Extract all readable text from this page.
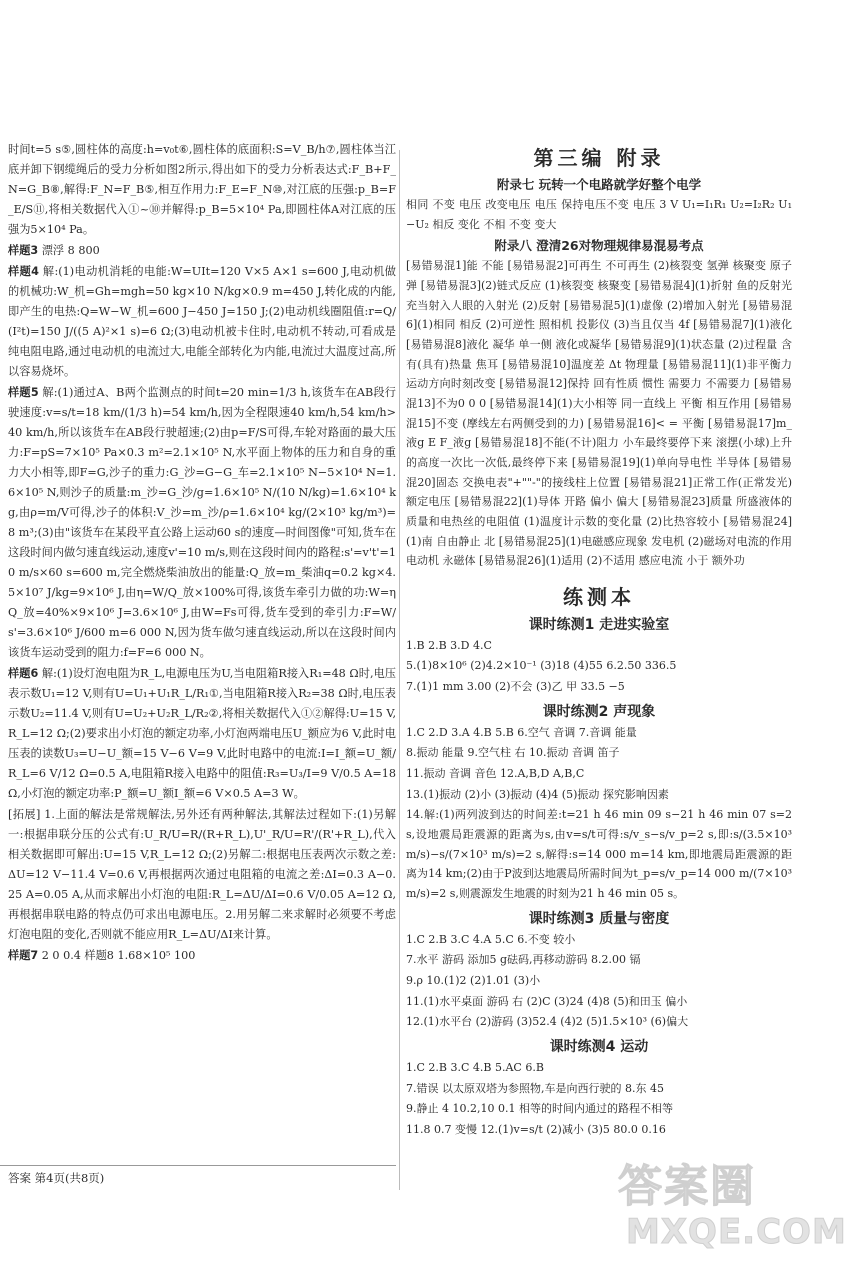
时间t=5 s⑤,圆柱体的高度:h=v₀t⑥,圆柱体的底面积:S=V_B/h⑦,圆柱体当江底并卸下钢缆绳后的受力分析如图2所示,得出如下的受力分析表达式:F_B+F_N=G_B⑧,解得:F_N=F_B⑤,相互作用力:F_E=F_N⑩,对江底的压强:p_B=F_E/S⑪,将相关数据代入①~⑩并解得:p_B=5×10⁴ Pa,即圆柱体A对江底的压强为5×10⁴ Pa。

样题3 漂浮 8 800

样题4 解:(1)电动机消耗的电能:W=UIt=120 V×5 A×1 s=600 J,电动机做的机械功:W_机=Gh=mgh=50 kg×10 N/kg×0.9 m=450 J,转化成的内能,即产生的电热:Q=W−W_机=600 J−450 J=150 J;(2)电动机线圈阻值:r=Q/(I²t)=150 J/((5 A)²×1 s)=6 Ω;(3)电动机被卡住时,电动机不转动,可看成是纯电阻电路,通过电动机的电流过大,电能全部转化为内能,电流过大温度过高,所以容易烧坏。

样题5 解:(1)通过A、B两个监测点的时间t=20 min=1/3 h,该货车在AB段行驶速度:v=s/t=18 km/(1/3 h)=54 km/h,因为全程限速40 km/h,54 km/h>40 km/h,所以该货车在AB段行驶超速;(2)由p=F/S可得,车轮对路面的最大压力:F=pS=7×10⁵ Pa×0.3 m²=2.1×10⁵ N,水平面上物体的压力和自身的重力大小相等,即F=G,沙子的重力:G_沙=G−G_车=2.1×10⁵ N−5×10⁴ N=1.6×10⁵ N,则沙子的质量:m_沙=G_沙/g=1.6×10⁵ N/(10 N/kg)=1.6×10⁴ kg,由ρ=m/V可得,沙子的体积:V_沙=m_沙/ρ=1.6×10⁴ kg/(2×10³ kg/m³)=8 m³;(3)由"该货车在某段平直公路上运动60 s的速度—时间图像"可知,货车在这段时间内做匀速直线运动,速度v'=10 m/s,则在这段时间内的路程:s'=v't'=10 m/s×60 s=600 m,完全燃烧柴油放出的能量:Q_放=m_柴油q=0.2 kg×4.5×10⁷ J/kg=9×10⁶ J,由η=W/Q_放×100%可得,该货车牵引力做的功:W=ηQ_放=40%×9×10⁶ J=3.6×10⁶ J,由W=Fs可得,货车受到的牵引力:F=W/s'=3.6×10⁶ J/600 m=6 000 N,因为货车做匀速直线运动,所以在这段时间内该货车运动受到的阻力:f=F=6 000 N。

样题6 解:(1)设灯泡电阻为R_L,电源电压为U,当电阻箱R接入R₁=48 Ω时,电压表示数U₁=12 V,则有U=U₁+U₁R_L/R₁①,当电阻箱R接入R₂=38 Ω时,电压表示数U₂=11.4 V,则有U=U₂+U₂R_L/R₂②,将相关数据代入①②解得:U=15 V,R_L=12 Ω;(2)要求出小灯泡的额定功率,小灯泡两端电压U_额应为6 V,此时电压表的读数U₃=U−U_额=15 V−6 V=9 V,此时电路中的电流:I=I_额=U_额/R_L=6 V/12 Ω=0.5 A,电阻箱R接入电路中的阻值:R₃=U₃/I=9 V/0.5 A=18 Ω,小灯泡的额定功率:P_额=U_额I_额=6 V×0.5 A=3 W。

[拓展] 1.上面的解法是常规解法,另外还有两种解法,其解法过程如下:(1)另解一:根据串联分压的公式有:U_R/U=R/(R+R_L),U'_R/U=R'/(R'+R_L),代入相关数据即可解出:U=15 V,R_L=12 Ω;(2)另解二:根据电压表两次示数之差:ΔU=12 V−11.4 V=0.6 V,再根据两次通过电阻箱的电流之差:ΔI=0.3 A−0.25 A=0.05 A,从而求解出小灯泡的电阻:R_L=ΔU/ΔI=0.6 V/0.05 A=12 Ω,再根据串联电路的特点仍可求出电源电压。2.用另解二来求解时必须要不考虑灯泡电阻的变化,否则就不能应用R_L=ΔU/ΔI来计算。

样题7 2 0 0.4 样题8 1.68×10⁵ 100

第三编 附录
附录七 玩转一个电路就学好整个电学

相同 不变 电压 改变电压 电压 保持电压不变 电压 3 V U₁=I₁R₁ U₂=I₂R₂ U₁−U₂ 相反 变化 不相 不变 变大

附录八 澄清26对物理规律易混易考点

[易错易混1]能 不能 [易错易混2]可再生 不可再生 (2)核裂变 氢弹 核聚变 原子弹 [易错易混3](2)链式反应 (1)核裂变 核聚变 [易错易混4](1)折射 鱼的反射光充当射入人眼的入射光 (2)反射 [易错易混5](1)虚像 (2)增加入射光 [易错易混6](1)相同 相反 (2)可逆性 照相机 投影仪 (3)当且仅当 4f [易错易混7](1)液化 [易错易混8]液化 凝华 单一侧 液化或凝华 [易错易混9](1)状态量 (2)过程量 含有(具有)热量 焦耳 [易错易混10]温度差 Δt 物理量 [易错易混11](1)非平衡力 运动方向时刻改变 [易错易混12]保持 回有性质 惯性 需要力 不需要力 [易错易混13]不为0 0 0 [易错易混14](1)大小相等 同一直线上 平衡 相互作用 [易错易混15]不变 (摩线左右两侧受到的力) [易错易混16]< = 平衡 [易错易混17]m_液g E F_液g [易错易混18]不能(不计)阻力 小车最终要停下来 滚摆(小球)上升的高度一次比一次低,最终停下来 [易错易混19](1)单向导电性 半导体 [易错易混20]固态 交换电表"+""-"的接线柱上位置 [易错易混21]正常工作(正常发光) 额定电压 [易错易混22](1)导体 开路 偏小 偏大 [易错易混23]质量 所盛液体的质量和电热丝的电阻值 (1)温度计示数的变化量 (2)比热容较小 [易错易混24](1)南 自由静止 北 [易错易混25](1)电磁感应现象 发电机 (2)磁场对电流的作用 电动机 永磁体 [易错易混26](1)适用 (2)不适用 感应电流 小于 额外功

练测本
课时练测1 走进实验室

1.B 2.B 3.D 4.C

5.(1)8×10⁶ (2)4.2×10⁻¹ (3)18 (4)55 6.2.50 336.5

7.(1)1 mm 3.00 (2)不会 (3)乙 甲 33.5 −5

课时练测2 声现象

1.C 2.D 3.A 4.B 5.B 6.空气 音调 7.音调 能量

8.振动 能量 9.空气柱 右 10.振动 音调 笛子

11.振动 音调 音色 12.A,B,D A,B,C

13.(1)振动 (2)小 (3)振动 (4)4 (5)振动 探究影响因素

14.解:(1)两列波到达的时间差:t=21 h 46 min 09 s−21 h 46 min 07 s=2 s,设地震局距震源的距离为s,由v=s/t可得:s/v_s−s/v_p=2 s,即:s/(3.5×10³ m/s)−s/(7×10³ m/s)=2 s,解得:s=14 000 m=14 km,即地震局距震源的距离为14 km;(2)由于P波到达地震局所需时间为t_p=s/v_p=14 000 m/(7×10³ m/s)=2 s,则震源发生地震的时刻为21 h 46 min 05 s。

课时练测3 质量与密度

1.C 2.B 3.C 4.A 5.C 6.不变 较小

7.水平 游码 添加5 g砝码,再移动游码 8.2.00 镉

9.ρ 10.(1)2 (2)1.01 (3)小

11.(1)水平桌面 游码 右 (2)C (3)24 (4)8 (5)和田玉 偏小

12.(1)水平台 (2)游码 (3)52.4 (4)2 (5)1.5×10³ (6)偏大

课时练测4 运动

1.C 2.B 3.C 4.B 5.AC 6.B

7.错误 以太原双塔为参照物,车是向西行驶的 8.东 45

9.静止 4 10.2,10 0.1 相等的时间内通过的路程不相等

11.8 0.7 变慢 12.(1)v=s/t (2)减小 (3)5 80.0 0.16

答案 第4页(共8页)	答案圈
MXQE.COM
